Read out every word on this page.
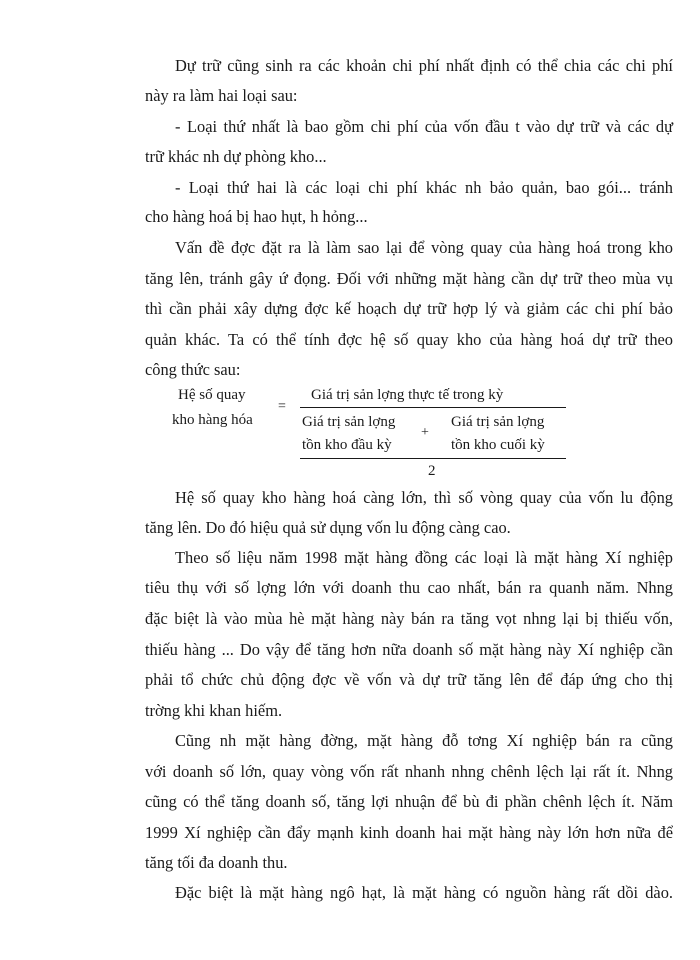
Dự trữ cũng sinh ra các khoản chi phí nhất định có thể chia các chi phí
này ra làm hai loại sau:
- Loại thứ nhất là bao gồm chi phí của vốn đầu t vào dự trữ và các dự
trữ khác nh dự phòng kho...
- Loại thứ hai là các loại chi phí khác nh bảo quản, bao gói... tránh
cho hàng hoá bị hao hụt, h hỏng...
Vấn đề đợc đặt ra là làm sao lại để vòng quay của hàng hoá trong kho
tăng lên, tránh gây ứ đọng. Đối với những mặt hàng cần dự trữ theo mùa vụ
thì cần phải xây dựng đợc kế hoạch dự trữ hợp lý và giảm các chi phí bảo
quản khác. Ta có thể tính đợc hệ số quay kho của hàng hoá dự trữ theo
công thức sau:
Hệ số quay
kho hàng hóa
=
Giá trị sản lợng thực tế trong kỳ
Giá trị sản lợng
tồn kho đầu kỳ
+
Giá trị sản lợng
tồn kho cuối kỳ
2
Hệ số quay kho hàng hoá càng lớn, thì số vòng quay của vốn lu động
tăng lên. Do đó hiệu quả sử dụng vốn lu động càng cao.
Theo số liệu năm 1998 mặt hàng đồng các loại là mặt hàng Xí nghiệp
tiêu thụ với số lợng lớn với doanh thu cao nhất, bán ra quanh năm. Nhng
đặc biệt là vào mùa hè mặt hàng này bán ra tăng vọt nhng lại bị thiếu vốn,
thiếu hàng ... Do vậy để tăng hơn nữa doanh số mặt hàng này Xí nghiệp cần
phải tổ chức chủ động đợc về vốn và dự trữ tăng lên để đáp ứng cho thị
trờng khi khan hiếm.
Cũng nh mặt hàng đờng, mặt hàng đỗ tơng Xí nghiệp bán ra cũng
với doanh số lớn, quay vòng vốn rất nhanh nhng chênh lệch lại rất ít. Nhng
cũng có thể tăng doanh số, tăng lợi nhuận để bù đi phần chênh lệch ít. Năm
1999 Xí nghiệp cần đẩy mạnh kinh doanh hai mặt hàng này lớn hơn nữa để
tăng tối đa doanh thu.
Đặc biệt là mặt hàng ngô hạt, là mặt hàng có nguồn hàng rất dồi dào.
